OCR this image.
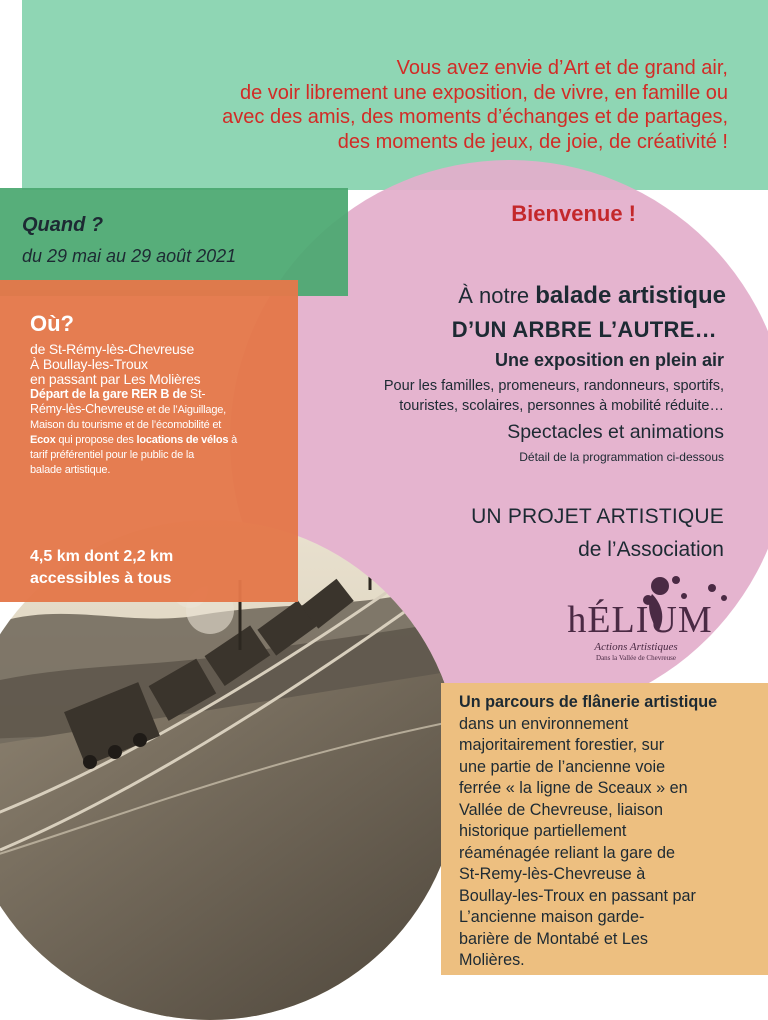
Vous avez envie d’Art et de grand air,
de voir librement une exposition, de vivre, en famille ou
avec des amis, des moments d’échanges et de partages,
des moments de jeux, de joie, de créativité !
Bienvenue !
Quand ?
du 29 mai au 29 août 2021
Où?
de St-Rémy-lès-Chevreuse
À Boullay-les-Troux
en passant par Les Molières
Départ de la gare RER B de St-
Rémy-lès-Chevreuse et de l’Aiguillage,
Maison du tourisme et de l’écomobilité et
Ecox qui propose des locations de vélos à
tarif préférentiel pour le public de la
balade artistique.
4,5 km dont 2,2 km
accessibles à tous
À notre balade artistique
D’UN ARBRE L’AUTRE…
Une exposition en plein air
Pour les familles, promeneurs, randonneurs, sportifs,
touristes, scolaires, personnes à mobilité réduite…
Spectacles et animations
Détail de la programmation ci-dessous
UN PROJET ARTISTIQUE
de l’Association
hÉLIUM
Actions Artistiques
Dans la Vallée de Chevreuse
Un parcours de flânerie artistique
dans un environnement
majoritairement forestier, sur
une partie de l’ancienne voie
ferrée « la ligne de Sceaux » en
Vallée de Chevreuse, liaison
historique partiellement
réaménagée reliant la gare de
St-Remy-lès-Chevreuse à
Boullay-les-Troux en passant par
L’ancienne maison garde-
barière de Montabé et Les
Molières.
